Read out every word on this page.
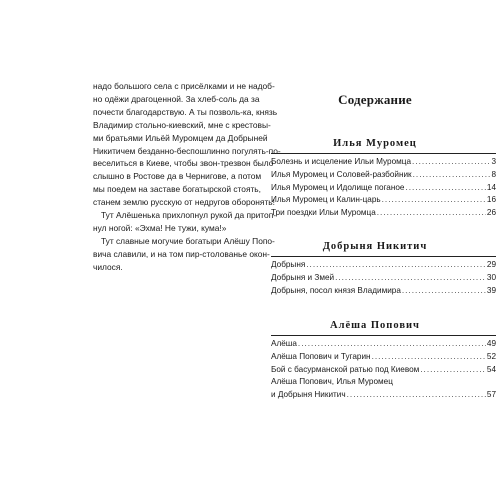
надо большого села с присёлками и не надоб-

но одёжи драгоценной. За хлеб-соль да за

почести благодарствую. А ты позволь-ка, князь

Владимир стольно-киевский, мне с крестовы-

ми братьями Ильёй Муромцем да Добрыней

Никитичем безданно-беспошлинно погулять-по-

веселиться в Киеве, чтобы звон-трезвон было

слышно в Ростове да в Чернигове, а потом

мы поедем на заставе богатырской стоять,

станем землю русскую от недругов оборонять!

Тут Алёшенька прихлопнул рукой да притоп-

нул ногой: «Эхма! Не тужи, кума!»

Тут славные могучие богатыри Алёшу Попо-

вича славили, и на том пир-столованье окон-

чилося.

Содержание
Илья Муромец
Болезнь и исцеление Ильи Муромца .....	3
Илья Муромец и Соловей-разбойник .....	8
Илья Муромец и Идолище поганое .....	14
Илья Муромец и Калин-царь .....	16
Три поездки Ильи Муромца .....	26
Добрыня Никитич
Добрыня .....	29
Добрыня и Змей .....	30
Добрыня, посол князя Владимира .....	39
Алёша Попович
Алёша .....	49
Алёша Попович и Тугарин .....	52
Бой с басурманской ратью под Киевом .....	54
Алёша Попович, Илья Муромец
и Добрыня Никитич .....	57
